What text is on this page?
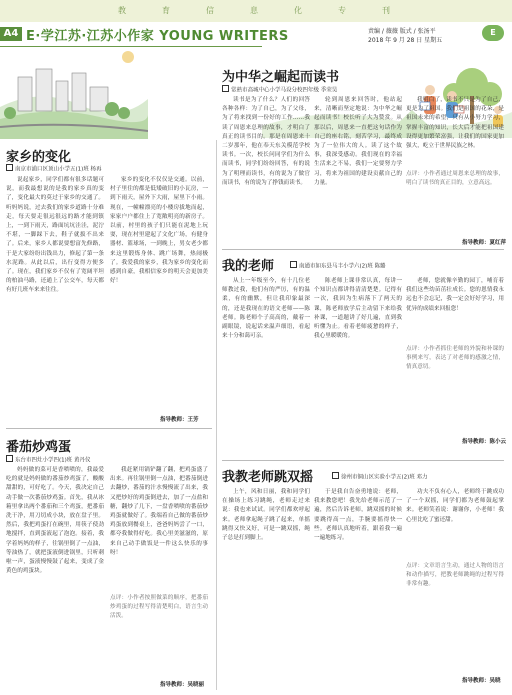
教	育	信	息	化	专	刊
A4 E·学江苏·江苏小作家 YOUNG WRITERS	责编 / 薇薇 版式 / 张汤平
2018 年 9 月 28 日 星期五
E
为中华之崛起而读书
常熟市高城中心小学马设分校四年级 季荣昊
读书是为了什么？人们的回答各种各样：为了自己，为了父母，为了将来找到一份好的工作……我读了周恩来总理的故事，才明白了真正的读书目的。那是在周恩来十二岁那年，他在奉天东关模范学校读书。一次，校长问同学们为什么而读书，同学们纷纷回答，有的说为了明理而读书，有的说为了做官而读书，有的说为了挣钱而读书。
轮到周恩来回答时，他站起来，清晰而坚定地说：为中华之崛起而读书！校长听了大为赞赏。从那以后，周恩来一直把这句话作为自己的座右铭，刻苦学习，最终成为了一位伟大的人。读了这个故事，我深受感动。我们现在的幸福生活来之不易，我们一定要努力学习，将来为祖国的建设贡献自己的力量。
我明白了，读书不只是为了自己，更是为了祖国。我们是祖国的花朵，是祖国未来的希望，只有从小努力学习，掌握丰富的知识，长大后才能把祖国建设得更加繁荣富强，让我们的国家更加强大，屹立于世界民族之林。
点评：小作者通过周恩来总理的故事，明白了读书的真正目的，立意高远。
指导教师：夏红萍
家乡的变化
南京市浦口区顶山小学五(1)班 杨再
说起家乡，同学们都有很多话题可说，而我最想说的是我的家乡真的变了，变化最大的莫过于家乡的交通了。听妈妈说，过去我们的家乡道路十分难走，每天要走很远很远的路才能到镇上，一到下雨天，路面坑坑洼洼，泥泞不堪，一脚踩下去，鞋子就拔不出来了。后来，家乡人都说要想富先修路，于是大家纷纷出钱出力，修起了第一条水泥路。从此以后，出行变得方便多了。现在，我们家乡不仅有了宽阔平坦的柏油马路，还通上了公交车，每天都有好几班车来来往往。
家乡的变化不仅仅是交通。以前，村子里住的都是低矮破旧的小瓦房，一到下雨天，屋外下大雨，屋里下小雨。现在，一幢幢漂亮的小楼房拔地而起，家家户户都住上了宽敞明亮的新房子。以前，村里的孩子们只能在泥地上玩耍，现在村里建起了文化广场，有健身器材、篮球场，一到晚上，男女老少都来这里锻炼身体、跳广场舞，热闹极了。我爱我的家乡，我为家乡的变化而感到自豪，我相信家乡的明天会更加美好！
指导教师：王芳
番茄炒鸡蛋
东台市四灶小学四(1)班 黄丹仪
妈妈做的菜可是香喷喷的，我最爱吃的就是妈妈做的番茄炒鸡蛋了，酸酸甜甜的，可好吃了。今天，我决定自己动手做一次番茄炒鸡蛋。首先，我从冰箱里拿出两个番茄和三个鸡蛋，把番茄洗干净，用刀切成小块，放在盘子里。然后，我把鸡蛋打在碗里，用筷子使劲地搅拌，直到蛋液起了泡泡。接着，我学着妈妈的样子，往锅里倒了一点油，等油热了，就把蛋液倒进锅里，只听刺啦一声，蛋液慢慢鼓了起来，变成了金黄色的鸡蛋块。
我赶紧用锅铲翻了翻，把鸡蛋盛了出来。再往锅里倒一点油，把番茄倒进去翻炒，番茄的汁水慢慢流了出来，我又把炒好的鸡蛋倒进去，加了一点盐和糖，翻炒了几下，一盘香喷喷的番茄炒鸡蛋就做好了。我端着自己做的番茄炒鸡蛋放到餐桌上，爸爸妈妈尝了一口，都夸我做得好吃。我心里美滋滋的，原来自己动手做饭是一件这么快乐的事呀！
点评：小作者按照做菜的顺序，把番茄炒鸡蛋的过程写得清楚明白，语言生动活泼。
指导教师：吴晓丽
我的老师	南通市如东县马丰小学六(2)班 陈璐
从上一年级至今，有十几位老师教过我，他们有的严厉，有的温柔，有的幽默，但让我印象最深的，还是我现在的语文老师——陈老师。陈老师个子高高的，戴着一副眼镜，说起话来温声细语，看起来十分和蔼可亲。
陈老师上课非常认真，每讲一个知识点都讲得清清楚楚。记得有一次，我因为生病落下了两天的课，陈老师放学后主动留下来给我补课，一道题讲了好几遍，直到我听懂为止。看着老师疲惫的样子，我心里暖暖的。
老师，您就像辛勤的园丁，哺育着我们这些幼苗茁壮成长。您的恩情我永远也不会忘记，我一定会好好学习，用优异的成绩来回报您！
点评：小作者抓住老师的外貌和补课的事例来写，表达了对老师的感激之情，情真意切。
指导教师：陈小云
我教老师跳双摇	徐州市铜山区实验小学五(2)班 邓力
上午，风和日丽，我和同学们在操场上练习跳绳，老师走过来说：我也来试试。同学们都欢呼起来。老师拿起绳子跳了起来，单摇跳得又快又好，可是一跳双摇，绳子总是打到脚上。
于是我自告奋勇地说：老师，我来教您吧！我先给老师示范了一遍，然后告诉老师，跳双摇的时候要跳得高一点，手腕要摇得快一些。老师认真地听着，跟着我一遍一遍地练习。
功夫不负有心人，老师终于跳成功了一个双摇，同学们都为老师鼓起掌来。老师笑着说：谢谢你，小老师！我心里比吃了蜜还甜。
点评：文章语言生动，通过人物的语言和动作描写，把教老师跳绳的过程写得非常有趣。
指导教师：吴晓
